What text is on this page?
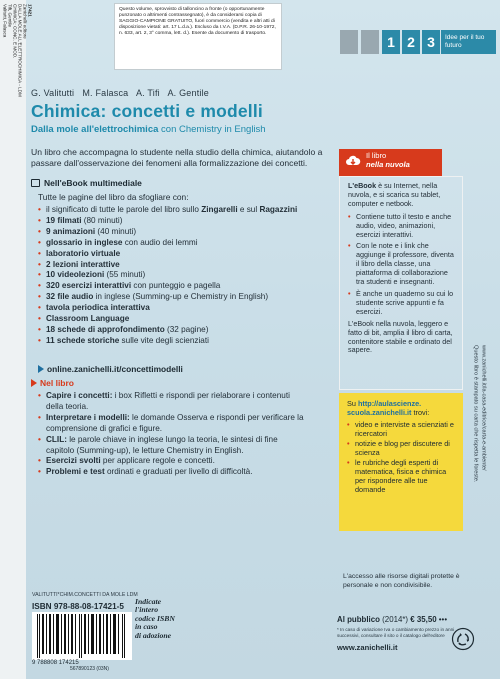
Valitutti, Falasca Tifi, Gentile CHIMICA: CONC. E MOD. DALLA MOLE ALL'ELETTROCHIMICA - LDM Zanichelli editore 17421	Questo volume, sprovvisto di talloncino a fronte (o opportunamente punzonato o altrimenti contrassegnato), è da considerarsi copia di SAGGIO-CAMPIONE GRATUITO, fuori commercio (vendita e altri atti di disposizione vietati: art. 17 L.d.a.). Escluso da I.V.A. (D.P.R. 26-10-1972, n. 633, art. 2, 3° comma, lett. d.). Esente da documento di trasporto.
1 2 3	Idee per il tuo futuro
G. Valitutti   M. Falasca   A. Tifi   A. Gentile
Chimica: concetti e modelli
Dalla mole all'elettrochimica con Chemistry in English
Un libro che accompagna lo studente nella studio della chimica, aiutandolo a passare dall'osservazione dei fenomeni alla formalizzazione dei concetti.
Nell'eBook multimediale
Tutte le pagine del libro da sfogliare con:
• il significato di tutte le parole del libro sullo Zingarelli e sul Ragazzini
• 19 filmati (80 minuti)
• 9 animazioni (40 minuti)
• glossario in inglese con audio dei lemmi
• laboratorio virtuale
• 2 lezioni interattive
• 10 videolezioni (55 minuti)
• 320 esercizi interattivi con punteggio e pagella
• 32 file audio in inglese (Summing-up e Chemistry in English)
• tavola periodica interattiva
• Classroom Language
• 18 schede di approfondimento (32 pagine)
• 11 schede storiche sulle vite degli scienziati
online.zanichelli.it/concettimodelli
Nel libro
• Capire i concetti: i box Rifletti e rispondi per rielaborare i contenuti della teoria.
• Interpretare i modelli: le domande Osserva e rispondi per verificare la comprensione di grafici e figure.
• CLIL: le parole chiave in inglese lungo la teoria, le sintesi di fine capitolo (Summing-up), le letture Chemistry in English.
• Esercizi svolti per applicare regole e concetti.
• Problemi e test ordinati e graduati per livello di difficoltà.
Il libro
nella nuvola
L'eBook è su Internet, nella nuvola, e si scarica su tablet, computer e netbook.
• Contiene tutto il testo e anche audio, video, animazioni, esercizi interattivi.
• Con le note e i link che aggiunge il professore, diventa il libro della classe, una piattaforma di collaborazione tra studenti e insegnanti.
• È anche un quaderno su cui lo studente scrive appunti e fa esercizi.
L'eBook nella nuvola, leggero e fatto di bit, amplia il libro di carta, contenitore stabile e ordinato del sapere.
Su http://aulascienze. scuola.zanichelli.it trovi:
• video e interviste a scienziati e ricercatori
• notizie e blog per discutere di scienza
• le rubriche degli esperti di matematica, fisica e chimica per rispondere alle tue domande
L'accesso alle risorse digitali protette è personale e non condivisibile.
Al pubblico (2014*) € 35,50 •••
* In caso di variazione Iva o cambiamento prezzo in anni successivi, consultare il sito o il catalogo dell'editore
www.zanichelli.it
Questo libro è stampato su carta che rispetta le foreste. www.zanichelli.it/la-casa-editrice/carta-e-ambiente/
VALITUTTI*CHIM.CONCETTI DA MOLE LDM
ISBN 978-88-08-17421-5
Indicate
l'intero
codice ISBN
in caso
di adozione
9 788808 174215
567890123 (03N)
